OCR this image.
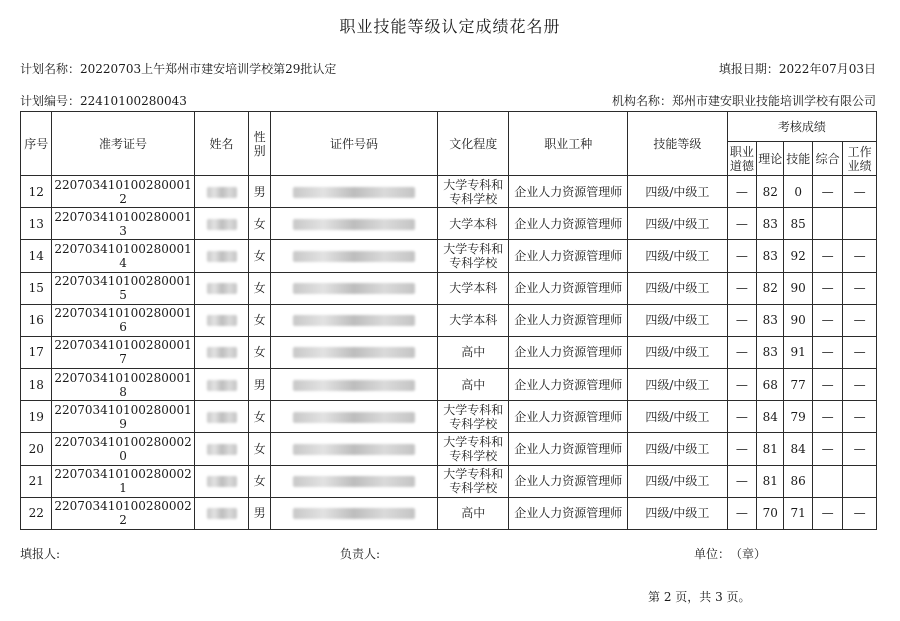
职业技能等级认定成绩花名册
计划名称：20220703上午郑州市建安培训学校第29批认定	填报日期：2022年07月03日
计划编号：22410100280043	机构名称：郑州市建安职业技能培训学校有限公司
序号	准考证号	姓名	性别	证件号码	文化程度	职业工种	技能等级	考核成绩				
								职业道德	理论	技能	综合	工作业绩
12	220703410100280001 2		男		大学专科和专科学校	企业人力资源管理师	四级/中级工	—	82	0	—	—
13	220703410100280001 3		女		大学本科	企业人力资源管理师	四级/中级工	—	83	85		
14	220703410100280001 4		女		大学专科和专科学校	企业人力资源管理师	四级/中级工	—	83	92	—	—
15	220703410100280001 5		女		大学本科	企业人力资源管理师	四级/中级工	—	82	90	—	—
16	220703410100280001 6		女		大学本科	企业人力资源管理师	四级/中级工	—	83	90	—	—
17	220703410100280001 7		女		高中	企业人力资源管理师	四级/中级工	—	83	91	—	—
18	220703410100280001 8		男		高中	企业人力资源管理师	四级/中级工	—	68	77	—	—
19	220703410100280001 9		女		大学专科和专科学校	企业人力资源管理师	四级/中级工	—	84	79	—	—
20	220703410100280002 0		女		大学专科和专科学校	企业人力资源管理师	四级/中级工	—	81	84	—	—
21	220703410100280002 1		女		大学专科和专科学校	企业人力资源管理师	四级/中级工	—	81	86		
22	220703410100280002 2		男		高中	企业人力资源管理师	四级/中级工	—	70	71	—	—
填报人:	负责人:	单位： （章）
第 2 页，共 3 页。
